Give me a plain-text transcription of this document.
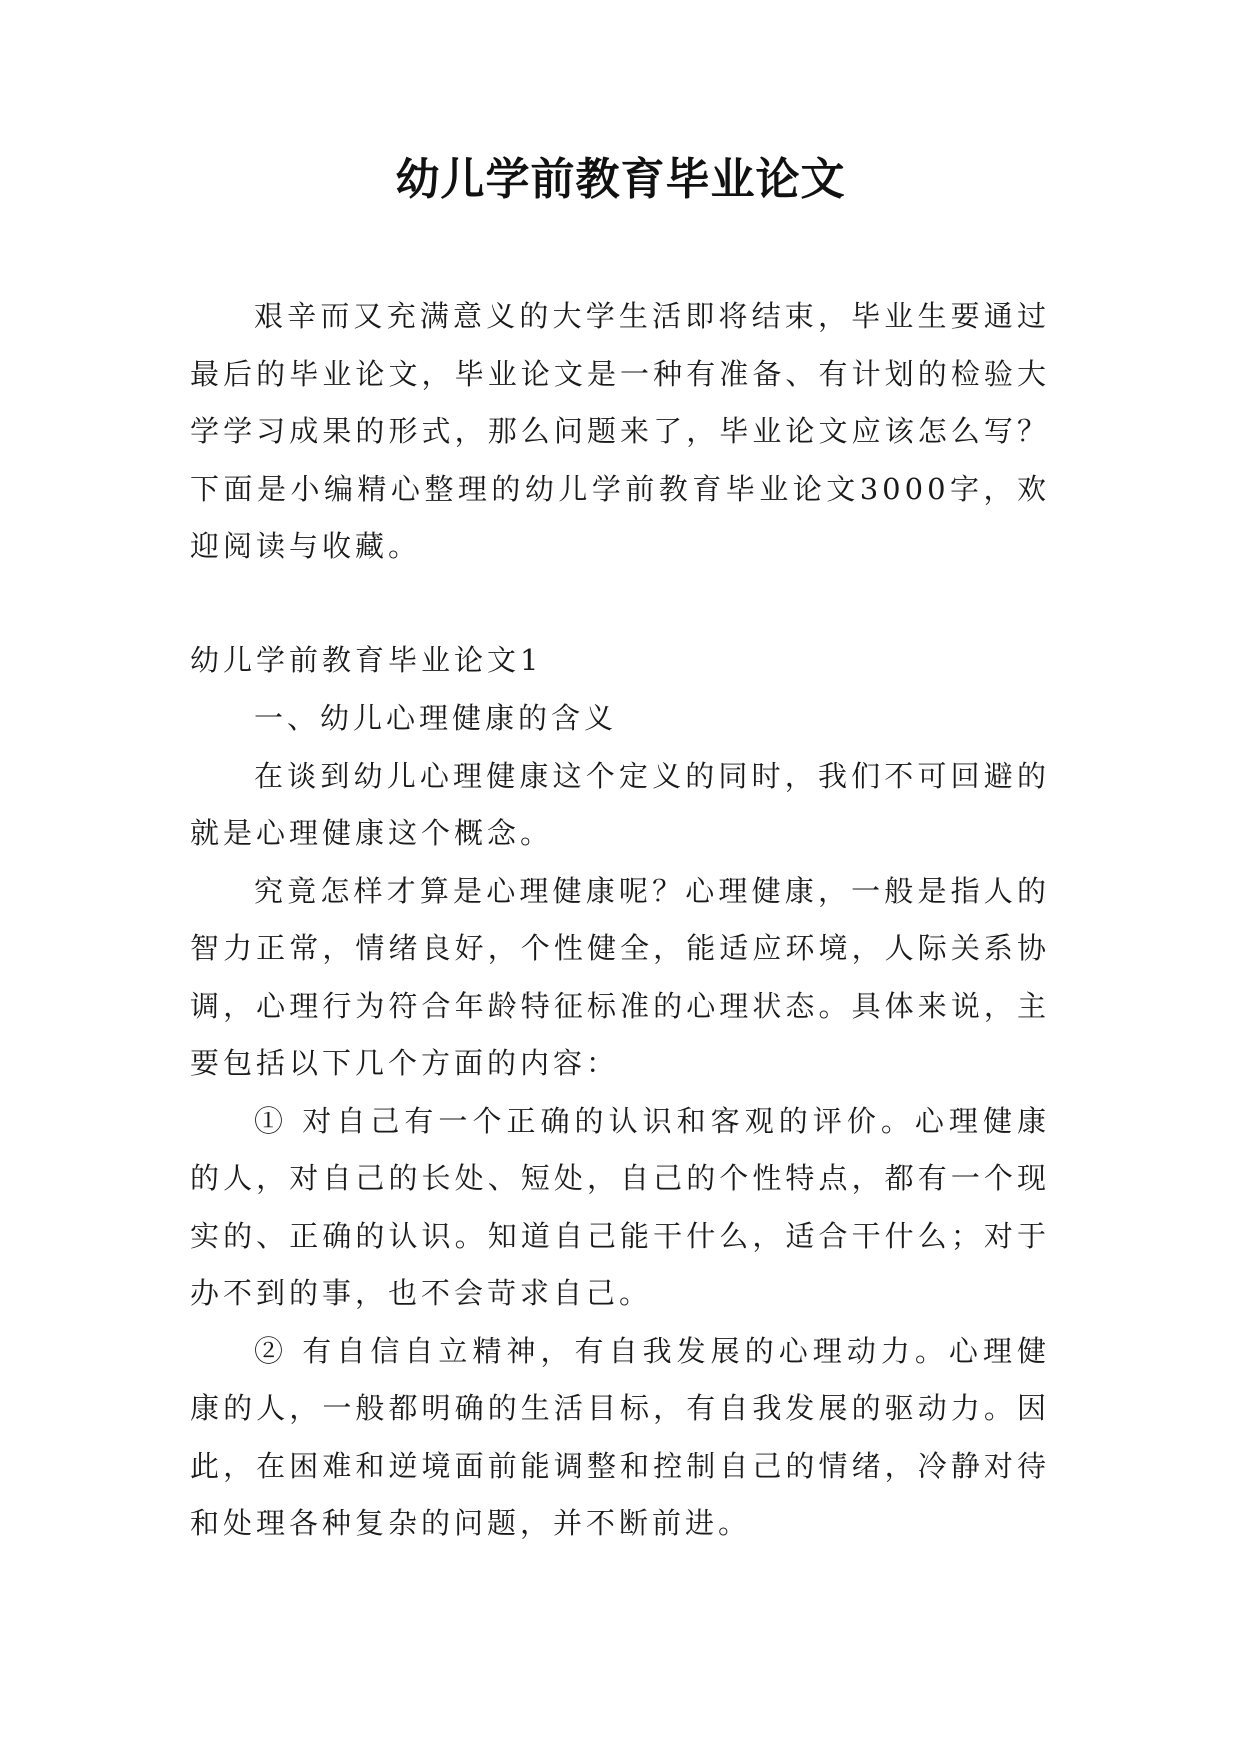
幼儿学前教育毕业论文

艰辛而又充满意义的大学生活即将结束，毕业生要通过最后的毕业论文，毕业论文是一种有准备、有计划的检验大学学习成果的形式，那么问题来了，毕业论文应该怎么写？下面是小编精心整理的幼儿学前教育毕业论文3000字，欢迎阅读与收藏。

幼儿学前教育毕业论文1

一、幼儿心理健康的含义

在谈到幼儿心理健康这个定义的同时，我们不可回避的就是心理健康这个概念。

究竟怎样才算是心理健康呢？心理健康，一般是指人的智力正常，情绪良好，个性健全，能适应环境，人际关系协调，心理行为符合年龄特征标准的心理状态。具体来说，主要包括以下几个方面的内容：

① 对自己有一个正确的认识和客观的评价。心理健康的人，对自己的长处、短处，自己的个性特点，都有一个现实的、正确的认识。知道自己能干什么，适合干什么；对于办不到的事，也不会苛求自己。

② 有自信自立精神，有自我发展的心理动力。心理健康的人，一般都明确的生活目标，有自我发展的驱动力。因此，在困难和逆境面前能调整和控制自己的情绪，冷静对待和处理各种复杂的问题，并不断前进。
